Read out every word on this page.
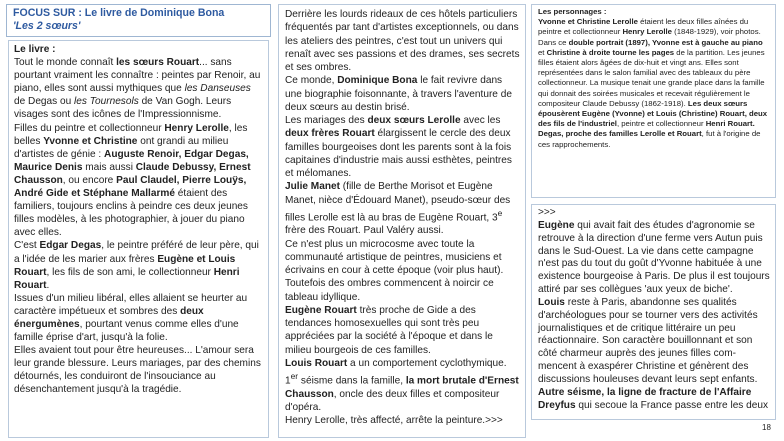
FOCUS SUR : Le livre de Dominique Bona
'Les 2 sœurs'

Le livre :

Tout le monde connaît les sœurs Rouart... sans pourtant vraiment les connaître : peintes par Renoir, au piano, elles sont aussi mythiques que les Danseuses de Degas ou les Tournesols de Van Gogh. Leurs visages sont des icônes de l'Impressionnisme.

Filles du peintre et collectionneur Henry Lerolle, les belles Yvonne et Christine ont grandi au milieu d'artistes de génie : Auguste Renoir, Edgar Degas, Maurice Denis mais aussi Claude Debussy, Ernest Chausson, ou encore Paul Claudel, Pierre Louÿs, André Gide et Stéphane Mallarmé étaient des familiers, toujours enclins à peindre ces deux jeunes filles modèles, à les photographier, à jouer du piano avec elles.

C'est Edgar Degas, le peintre préféré de leur père, qui a l'idée de les marier aux frères Eugène et Louis Rouart, les fils de son ami, le collectionneur Henri Rouart.

Issues d'un milieu libéral, elles allaient se heurter au caractère impétueux et sombres des deux énergumènes, pourtant venus comme elles d'une famille éprise d'art, jusqu'à la folie.

Elles avaient tout pour être heureuses... L'amour sera leur grande blessure. Leurs mariages, par des chemins détournés, les conduiront de l'insouciance au désenchantement jusqu'à la tragédie.

Derrière les lourds rideaux de ces hôtels particuliers fréquentés par tant d'artistes exceptionnels, ou dans les ateliers des peintres, c'est tout un univers qui renaît avec ses passions et des drames, ses secrets et ses ombres.

Ce monde, Dominique Bona le fait revivre dans une biographie foisonnante, à travers l'aventure de deux sœurs au destin brisé.

Les mariages des deux sœurs Lerolle avec les deux frères Rouart élargissent le cercle des deux familles bourgeoises dont les parents sont à la fois capitaines d'industrie mais aussi esthètes, peintres et mélomanes.

Julie Manet (fille de Berthe Morisot et Eugène Manet, nièce d'Édouard Manet), pseudo-sœur des filles Lerolle est là au bras de Eugène Rouart, 3e frère des Rouart. Paul Valéry aussi.

Ce n'est plus un microcosme avec toute la communauté artistique de peintres, musiciens et écrivains en cour à cette époque (voir plus haut). Toutefois des ombres commencent à noircir ce tableau idyllique.

Eugène Rouart très proche de Gide a des tendances homosexuelles qui sont très peu appréciées par la société à l'époque et dans le milieu bourgeois de ces familles.

Louis Rouart a un comportement cyclothymique.

1er séisme dans la famille, la mort brutale d'Ernest Chausson, oncle des deux filles et compositeur d'opéra.

Henry Lerolle, très affecté, arrête la peinture.>>>

Les personnages :

Yvonne et Christine Lerolle étaient les deux filles aînées du peintre et collectionneur Henry Lerolle (1848-1929), voir photos.

Dans ce double portrait (1897), Yvonne est à gauche au piano et Christine à droite tourne les pages de la partition. Les jeunes filles étaient alors âgées de dix-huit et vingt ans. Elles sont représentées dans le salon familial avec des tableaux du père collectionneur. La musique tenait une grande place dans la famille qui donnait des soirées musicales et recevait régulièrement le compositeur Claude Debussy (1862-1918). Les deux sœurs épousèrent Eugène (Yvonne) et Louis (Christine) Rouart, deux des fils de l'industriel, peintre et collectionneur Henri Rouart. Degas, proche des familles Lerolle et Rouart, fut à l'origine de ces rapprochements.

>>>

Eugène qui avait fait des études d'agronomie se retrouve à la direction d'une ferme vers Autun puis dans le Sud-Ouest. La vie dans cette campagne n'est pas du tout du goût d'Yvonne habituée à une existence bourgeoise à Paris. De plus il est toujours attiré par ses collègues 'aux yeux de biche'.

Louis reste à Paris, abandonne ses qualités d'archéologues pour se tourner vers des activités journalistiques et de critique littéraire un peu réactionnaire. Son caractère bouillonnant et son côté charmeur auprès des jeunes filles com-mencent à exaspérer Christine et génèrent des discussions houleuses devant leurs sept enfants.

Autre séisme, la ligne de fracture de l'Affaire Dreyfus qui secoue la France passe entre les deux

18
